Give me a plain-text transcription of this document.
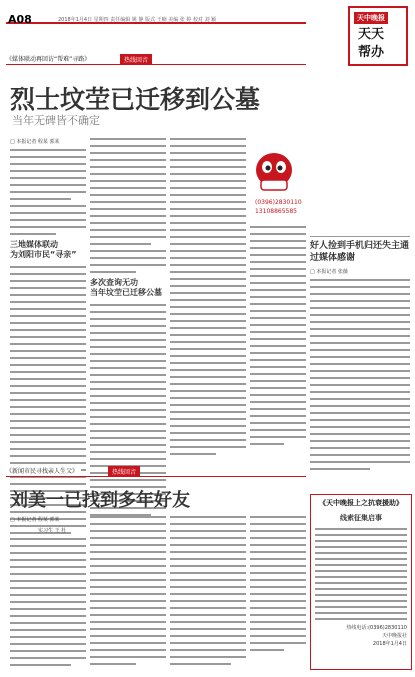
A08	2018年1月4日 星期四 责任编辑 姚 静 版式 王楠 美编 张 婷 校对 刘 颖	天中晚报
天天
帮办
《媒体联动再回访“帮难”寻路》	热线回音
烈士坟茔已迁移到公墓
当年无碑皆不确定
□ 本报记者 程某 郭某
三地媒体联动
为刘阳市民“寻亲”
多次查询无功
当年坟茔已迁移公墓
(0396)2830110
13108865585
《新闻市民寻找亲人生父》	热线回音
刘美一已找到多年好友
□ 本报记者 程某 郭某
实习生 王 杜
好人捡到手机归还失主通过媒体感谢
□ 本报记者 张薇
《天中晚报上之抗衰援助》
线索征集启事
热线电话:(0396)2830110
天中晚报社
2018年1月4日
